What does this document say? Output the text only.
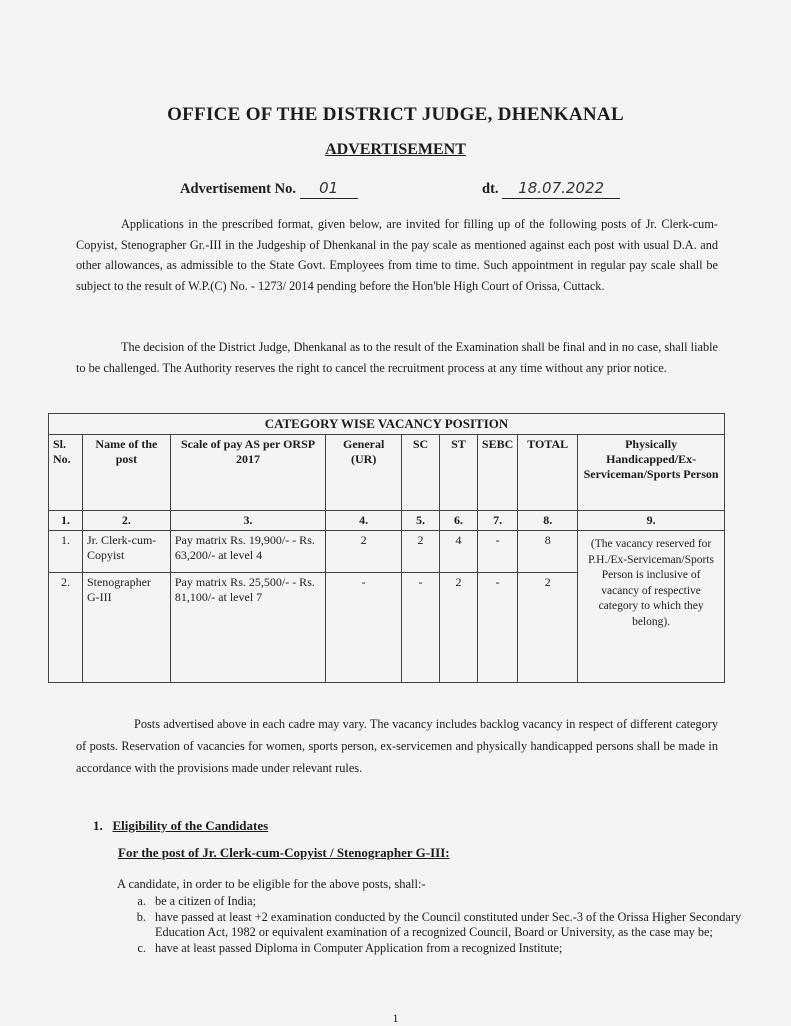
OFFICE OF THE DISTRICT JUDGE, DHENKANAL
ADVERTISEMENT
Advertisement No. 01	dt. 18.07.2022

Applications in the prescribed format, given below, are invited for filling up of the following posts of Jr. Clerk-cum-Copyist, Stenographer Gr.-III in the Judgeship of Dhenkanal in the pay scale as mentioned against each post with usual D.A. and other allowances, as admissible to the State Govt. Employees from time to time. Such appointment in regular pay scale shall be subject to the result of W.P.(C) No. - 1273/ 2014 pending before the Hon'ble High Court of Orissa, Cuttack.

The decision of the District Judge, Dhenkanal as to the result of the Examination shall be final and in no case, shall liable to be challenged. The Authority reserves the right to cancel the recruitment process at any time without any prior notice.

CATEGORY WISE VACANCY POSITION								
Sl. No.	Name of the post	Scale of pay AS per ORSP 2017	General (UR)	SC	ST	SEBC	TOTAL	Physically Handicapped/Ex-Serviceman/Sports Person
1.	2.	3.	4.	5.	6.	7.	8.	9.
1.	Jr. Clerk-cum-Copyist	Pay matrix Rs. 19,900/- - Rs. 63,200/- at level 4	2	2	4	-	8	(The vacancy reserved for P.H./Ex-Serviceman/Sports Person is inclusive of vacancy of respective category to which they belong).
2.	Stenographer G-III	Pay matrix Rs. 25,500/- - Rs. 81,100/- at level 7	-	-	2	-	2	

Posts advertised above in each cadre may vary. The vacancy includes backlog vacancy in respect of different category of posts. Reservation of vacancies for women, sports person, ex-servicemen and physically handicapped persons shall be made in accordance with the provisions made under relevant rules.

1. Eligibility of the Candidates
For the post of Jr. Clerk-cum-Copyist / Stenographer G-III:
A candidate, in order to be eligible for the above posts, shall:-
a. be a citizen of India;
b. have passed at least +2 examination conducted by the Council constituted under Sec.-3 of the Orissa Higher Secondary Education Act, 1982 or equivalent examination of a recognized Council, Board or University, as the case may be;
c. have at least passed Diploma in Computer Application from a recognized Institute;
1
